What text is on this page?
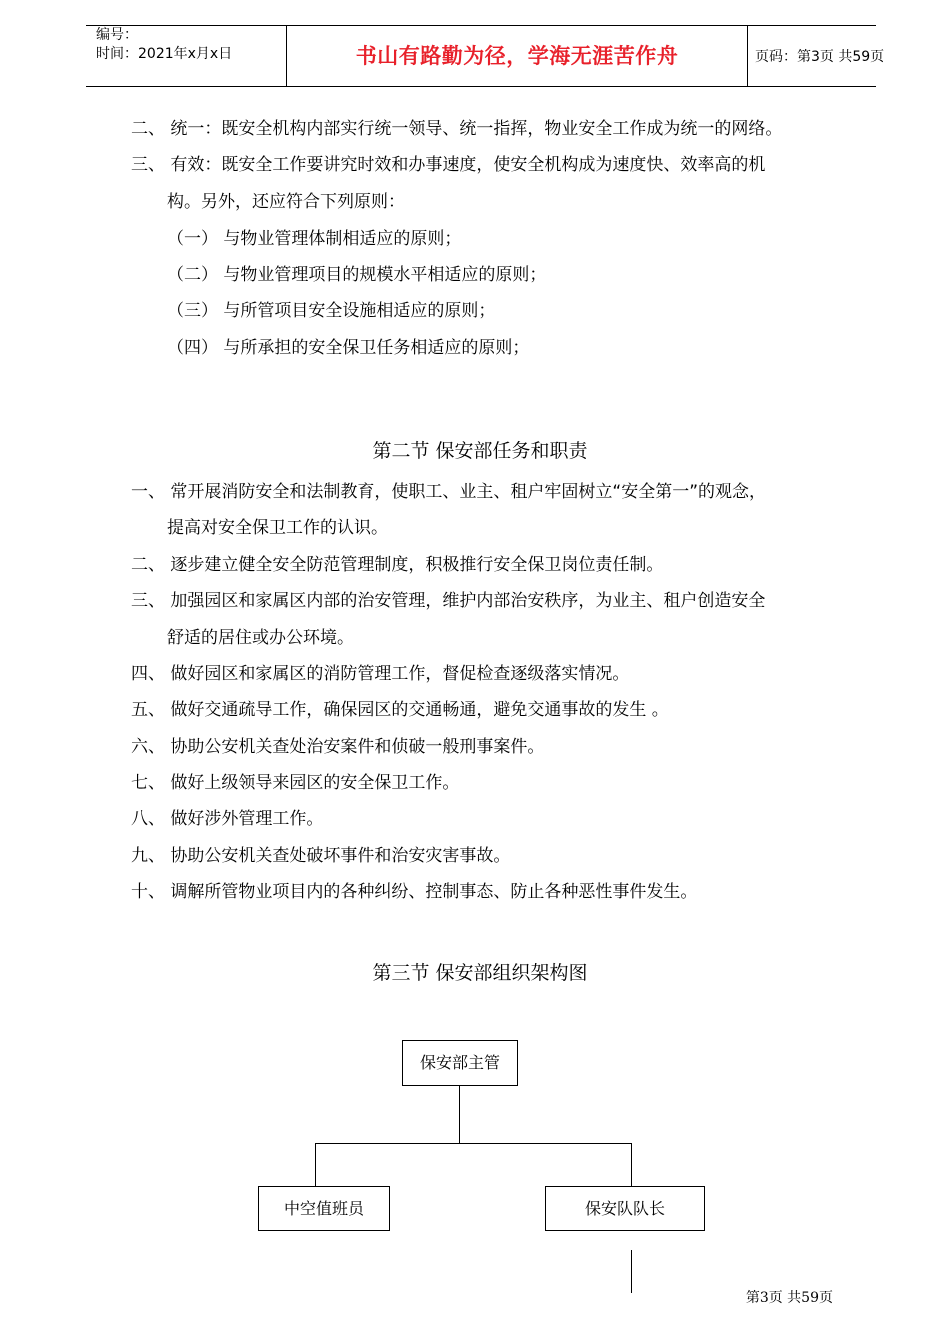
编号：
时间：2021年x月x日	书山有路勤为径，学海无涯苦作舟	页码：第3页 共59页
二、 统一：既安全机构内部实行统一领导、统一指挥，物业安全工作成为统一的网络。
三、 有效：既安全工作要讲究时效和办事速度，使安全机构成为速度快、效率高的机
构。另外，还应符合下列原则：
（一） 与物业管理体制相适应的原则；
（二） 与物业管理项目的规模水平相适应的原则；
（三） 与所管项目安全设施相适应的原则；
（四） 与所承担的安全保卫任务相适应的原则；
第二节 保安部任务和职责
一、 常开展消防安全和法制教育，使职工、业主、租户牢固树立“安全第一”的观念，
提高对安全保卫工作的认识。
二、 逐步建立健全安全防范管理制度，积极推行安全保卫岗位责任制。
三、 加强园区和家属区内部的治安管理，维护内部治安秩序，为业主、租户创造安全
舒适的居住或办公环境。
四、 做好园区和家属区的消防管理工作，督促检查逐级落实情况。
五、 做好交通疏导工作，确保园区的交通畅通，避免交通事故的发生 。
六、 协助公安机关查处治安案件和侦破一般刑事案件。
七、 做好上级领导来园区的安全保卫工作。
八、 做好涉外管理工作。
九、 协助公安机关查处破坏事件和治安灾害事故。
十、 调解所管物业项目内的各种纠纷、控制事态、防止各种恶性事件发生。
第三节 保安部组织架构图
保安部主管
中空值班员	保安队队长
第3页 共59页
